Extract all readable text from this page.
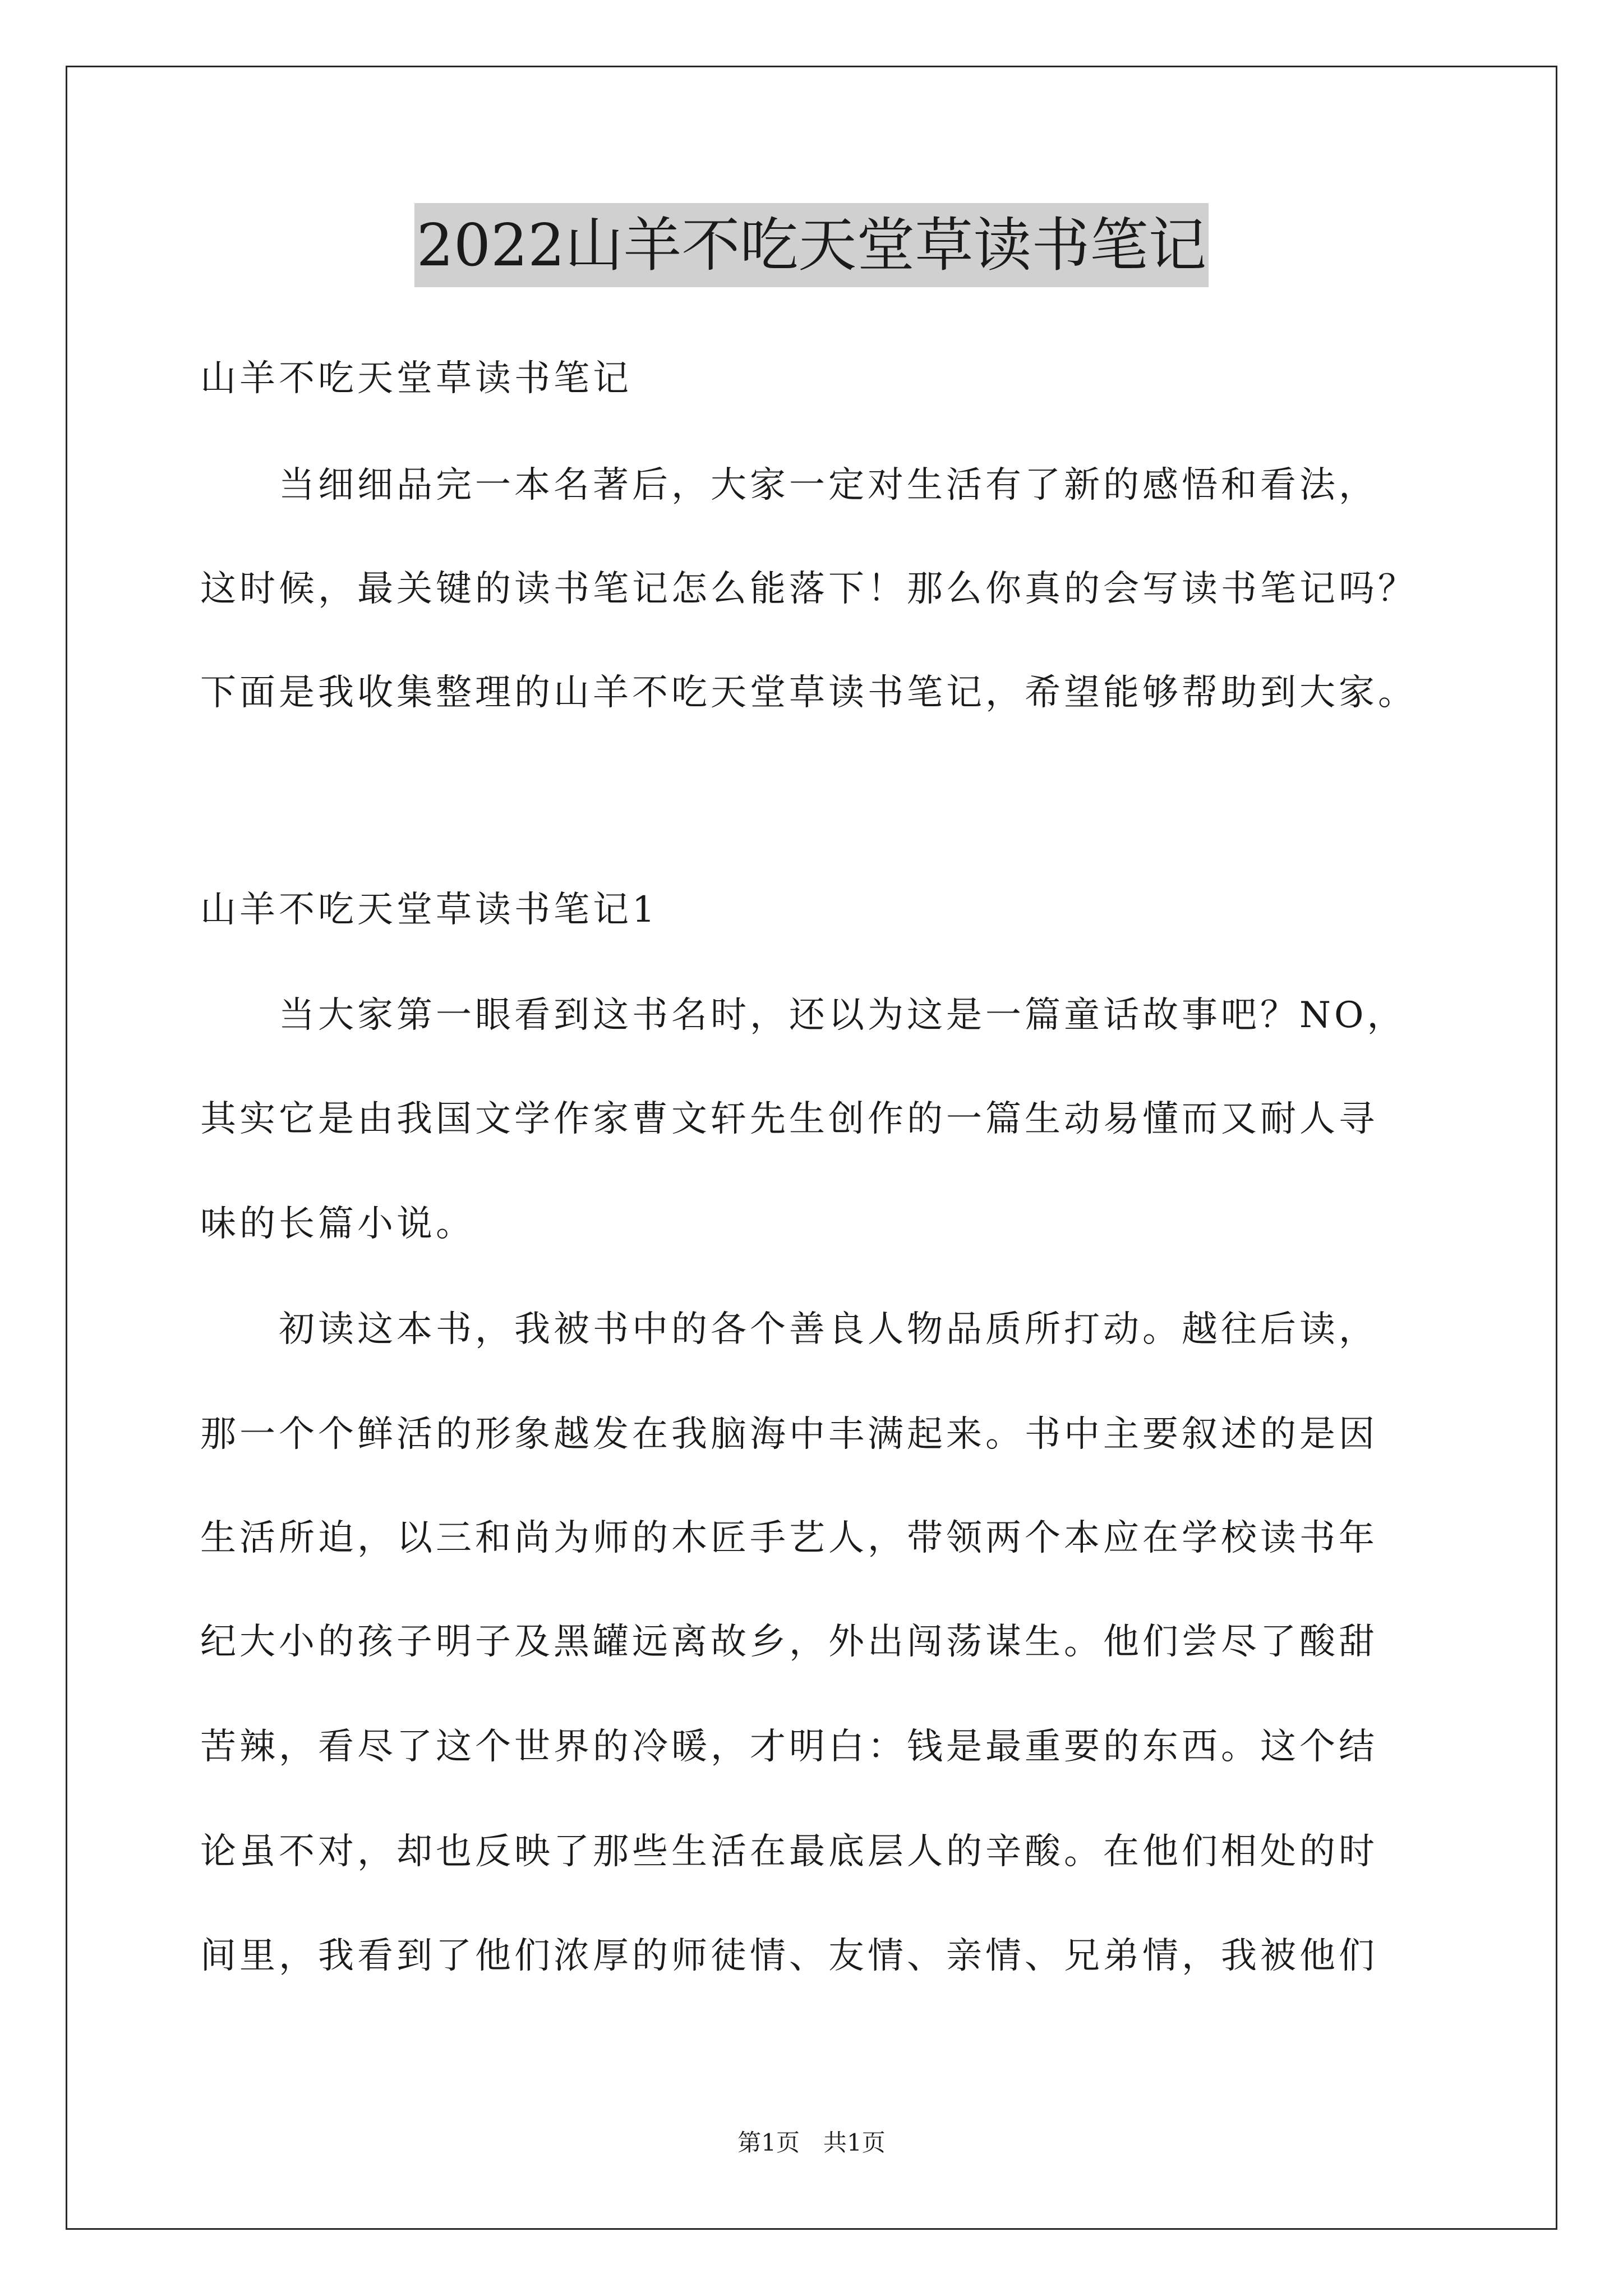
2022山羊不吃天堂草读书笔记
山羊不吃天堂草读书笔记
　　当细细品完一本名著后，大家一定对生活有了新的感悟和看法，
这时候，最关键的读书笔记怎么能落下！那么你真的会写读书笔记吗？
下面是我收集整理的山羊不吃天堂草读书笔记，希望能够帮助到大家。
山羊不吃天堂草读书笔记1
　　当大家第一眼看到这书名时，还以为这是一篇童话故事吧？NO，
其实它是由我国文学作家曹文轩先生创作的一篇生动易懂而又耐人寻
味的长篇小说。
　　初读这本书，我被书中的各个善良人物品质所打动。越往后读，
那一个个鲜活的形象越发在我脑海中丰满起来。书中主要叙述的是因
生活所迫，以三和尚为师的木匠手艺人，带领两个本应在学校读书年
纪大小的孩子明子及黑罐远离故乡，外出闯荡谋生。他们尝尽了酸甜
苦辣，看尽了这个世界的冷暖，才明白：钱是最重要的东西。这个结
论虽不对，却也反映了那些生活在最底层人的辛酸。在他们相处的时
间里，我看到了他们浓厚的师徒情、友情、亲情、兄弟情，我被他们
第1页　共1页
